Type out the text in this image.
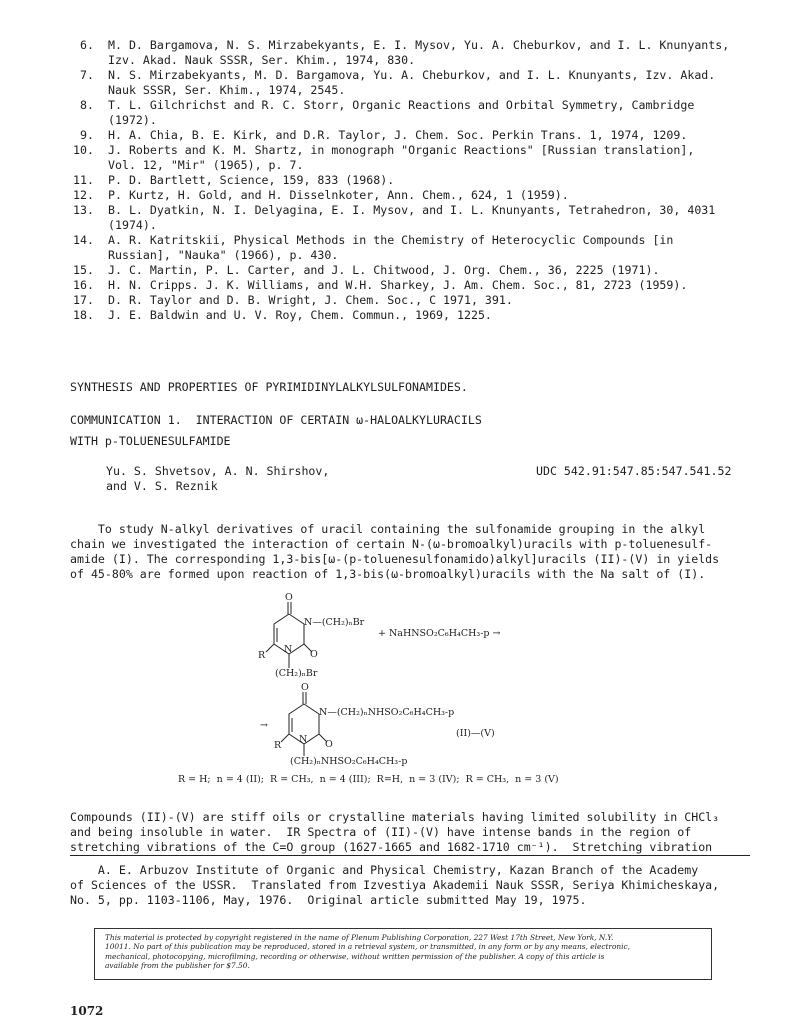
6. M. D. Bargamova, N. S. Mirzabekyants, E. I. Mysov, Yu. A. Cheburkov, and I. L. Knunyants,
Izv. Akad. Nauk SSSR, Ser. Khim., 1974, 830.
7. N. S. Mirzabekyants, M. D. Bargamova, Yu. A. Cheburkov, and I. L. Knunyants, Izv. Akad.
Nauk SSSR, Ser. Khim., 1974, 2545.
8. T. L. Gilchrichst and R. C. Storr, Organic Reactions and Orbital Symmetry, Cambridge
(1972).
9. H. A. Chia, B. E. Kirk, and D.R. Taylor, J. Chem. Soc. Perkin Trans. 1, 1974, 1209.
10. J. Roberts and K. M. Shartz, in monograph "Organic Reactions" [Russian translation],
Vol. 12, "Mir" (1965), p. 7.
11. P. D. Bartlett, Science, 159, 833 (1968).
12. P. Kurtz, H. Gold, and H. Disselnkoter, Ann. Chem., 624, 1 (1959).
13. B. L. Dyatkin, N. I. Delyagina, E. I. Mysov, and I. L. Knunyants, Tetrahedron, 30, 4031
(1974).
14. A. R. Katritskii, Physical Methods in the Chemistry of Heterocyclic Compounds [in
Russian], "Nauka" (1966), p. 430.
15. J. C. Martin, P. L. Carter, and J. L. Chitwood, J. Org. Chem., 36, 2225 (1971).
16. H. N. Cripps. J. K. Williams, and W.H. Sharkey, J. Am. Chem. Soc., 81, 2723 (1959).
17. D. R. Taylor and D. B. Wright, J. Chem. Soc., C 1971, 391.
18. J. E. Baldwin and U. V. Roy, Chem. Commun., 1969, 1225.
SYNTHESIS AND PROPERTIES OF PYRIMIDINYLALKYLSULFONAMIDES.
COMMUNICATION 1.  INTERACTION OF CERTAIN ω-HALOALKYLURACILS
WITH p-TOLUENESULFAMIDE
Yu. S. Shvetsov, A. N. Shirshov,
and V. S. Reznik
UDC 542.91:547.85:547.541.52
To study N-alkyl derivatives of uracil containing the sulfonamide grouping in the alkyl
chain we investigated the interaction of certain N-(ω-bromoalkyl)uracils with p-toluenesulf-
amide (I). The corresponding 1,3-bis[ω-(p-toluenesulfonamido)alkyl]uracils (II)-(V) in yields
of 45-80% are formed upon reaction of 1,3-bis(ω-bromoalkyl)uracils with the Na salt of (I).
O
N—(CH₂)ₙBr
+ NaHNSO₂C₆H₄CH₃-p →
R
N O
(CH₂)ₙBr
O
→
N—(CH₂)ₙNHSO₂C₆H₄CH₃-p
(II)—(V)
R
N O
(CH₂)ₙNHSO₂C₆H₄CH₃-p
R = H;  n = 4 (II);  R = CH₃,  n = 4 (III);  R=H,  n = 3 (IV);  R = CH₃,  n = 3 (V)
Compounds (II)-(V) are stiff oils or crystalline materials having limited solubility in CHCl₃
and being insoluble in water.  IR Spectra of (II)-(V) have intense bands in the region of
stretching vibrations of the C=O group (1627-1665 and 1682-1710 cm⁻¹).  Stretching vibration
A. E. Arbuzov Institute of Organic and Physical Chemistry, Kazan Branch of the Academy
of Sciences of the USSR.  Translated from Izvestiya Akademii Nauk SSSR, Seriya Khimicheskaya,
No. 5, pp. 1103-1106, May, 1976.  Original article submitted May 19, 1975.
This material is protected by copyright registered in the name of Plenum Publishing Corporation, 227 West 17th Street, New York, N.Y.
10011. No part of this publication may be reproduced, stored in a retrieval system, or transmitted, in any form or by any means, electronic,
mechanical, photocopying, microfilming, recording or otherwise, without written permission of the publisher. A copy of this article is
available from the publisher for $7.50.
1072
